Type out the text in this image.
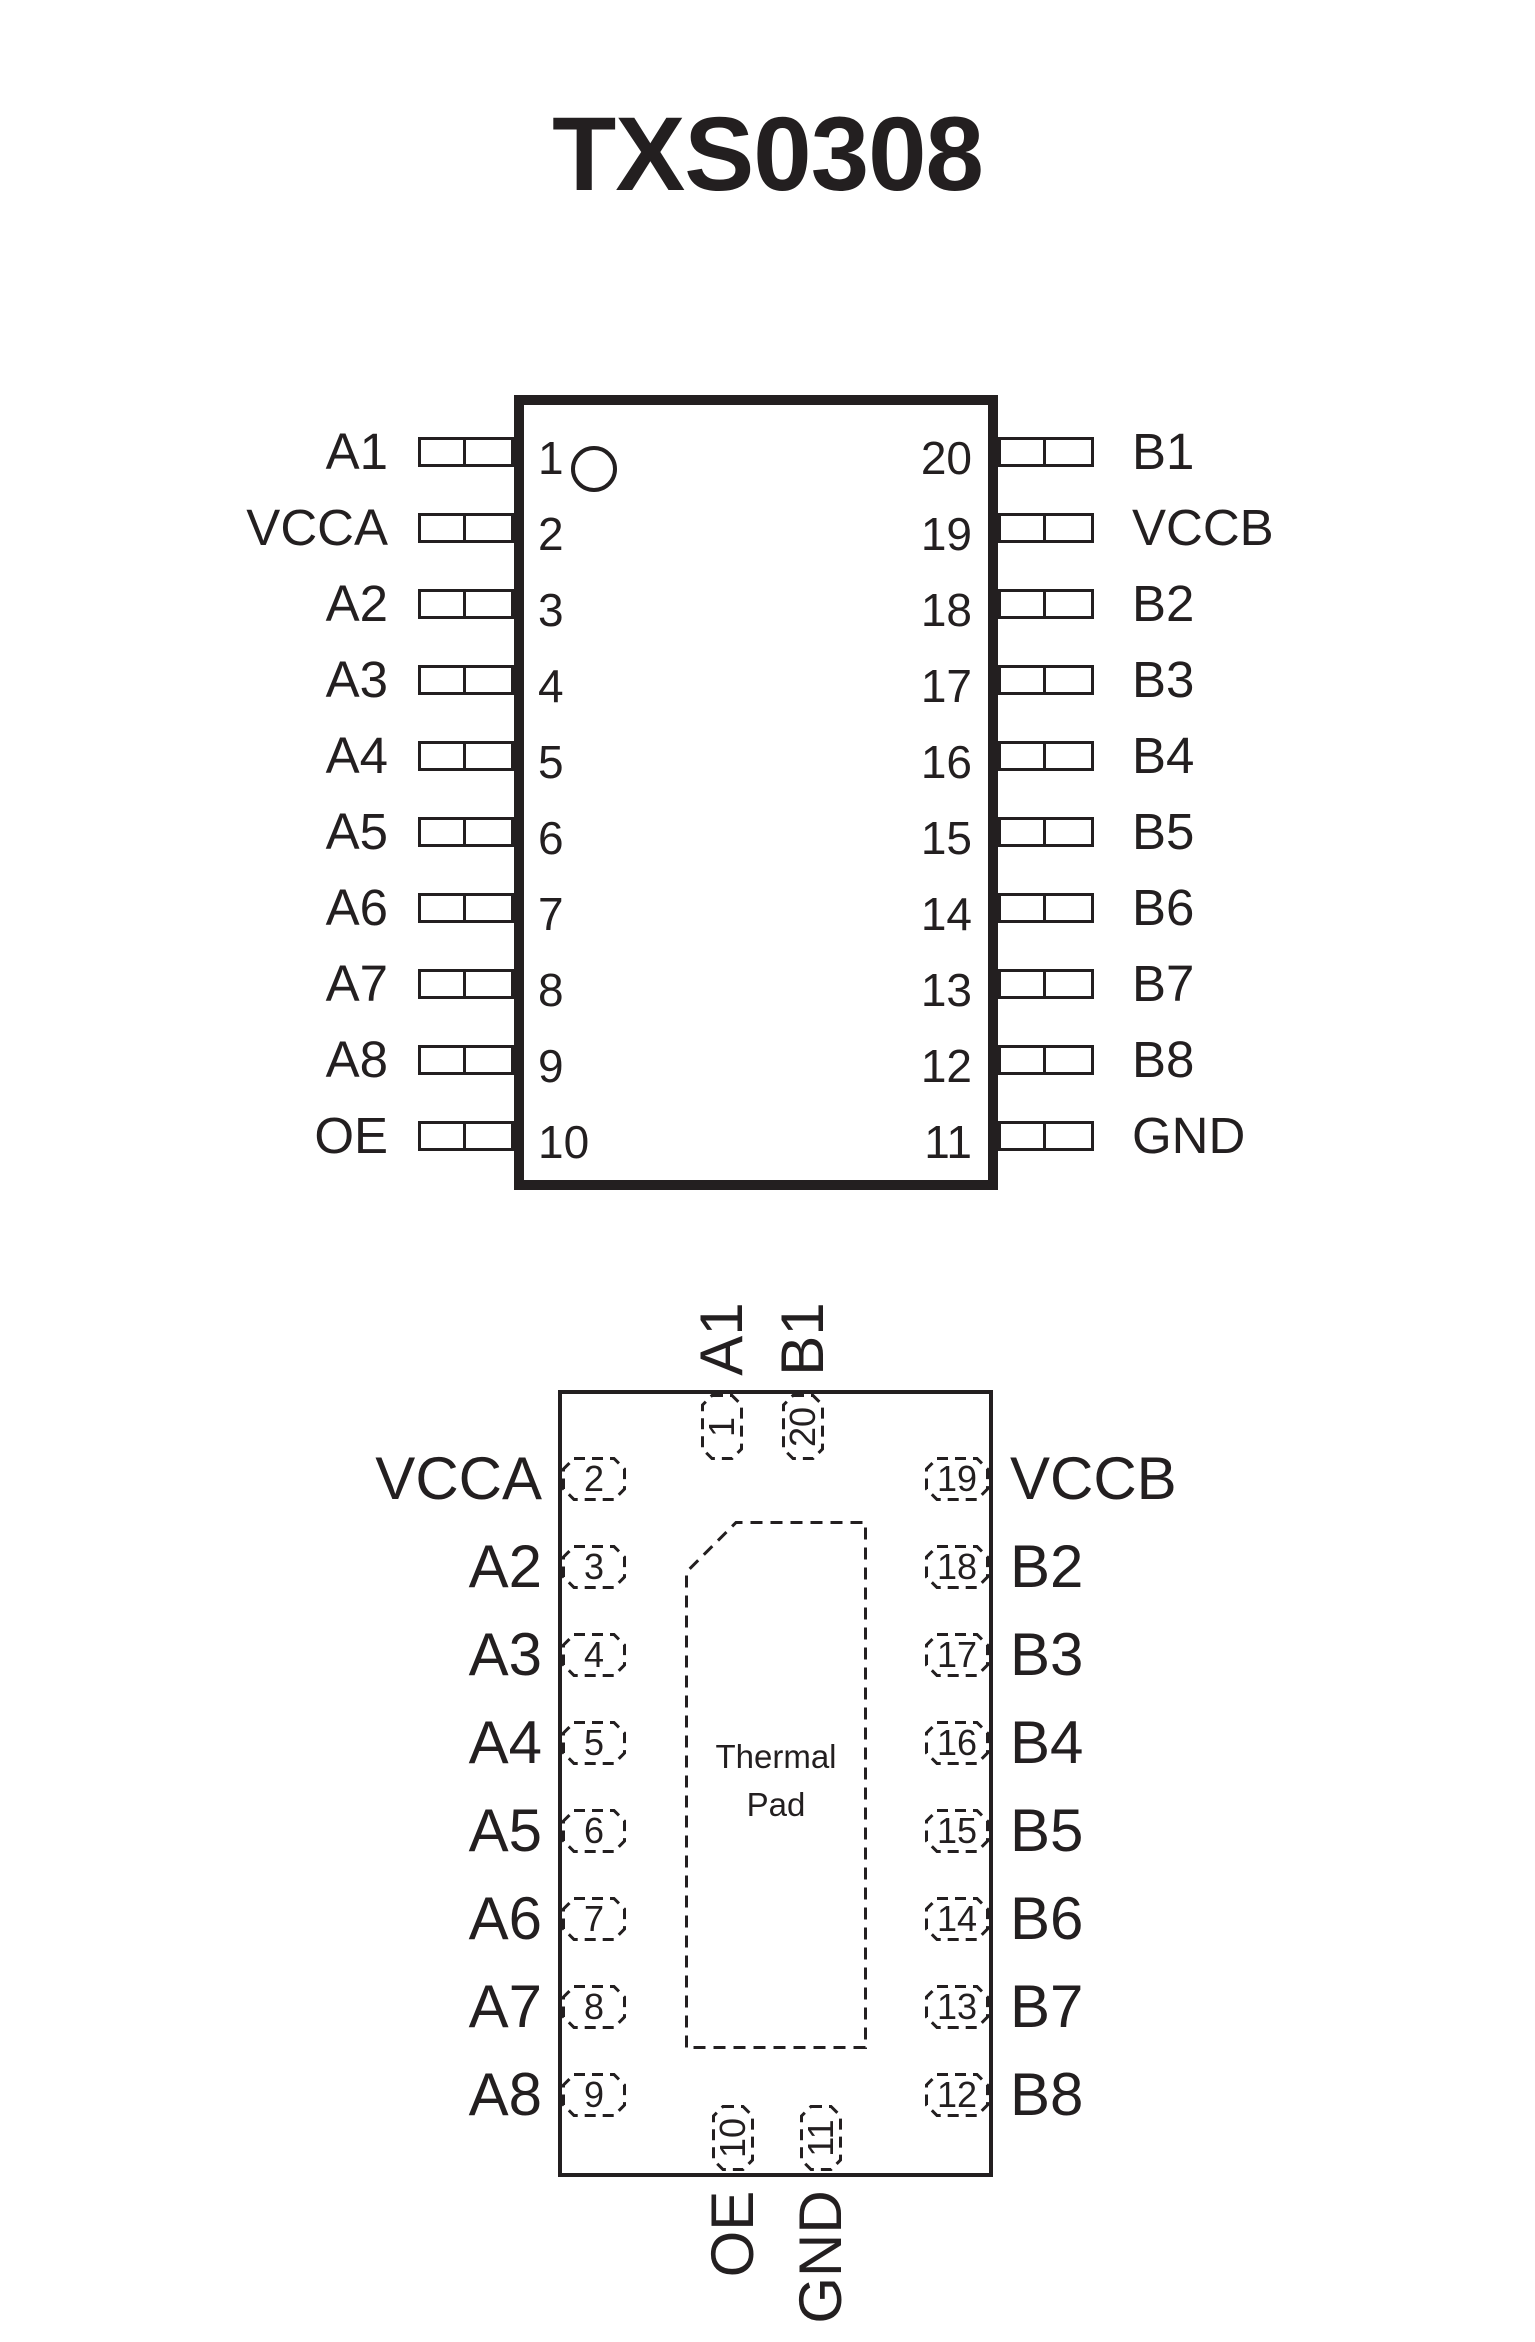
TXS0308
A1
VCCA
A2
A3
A4
A5
A6
A7
A8
OE
1
2
3
4
5
6
7
8
9
10
20
19
18
17
16
15
14
13
12
11
B1
VCCB
B2
B3
B4
B5
B6
B7
B8
GND
Thermal
Pad
1 20
A1 B1
2
3
4
5
6
7
8
9
VCCA
A2
A3
A4
A5
A6
A7
A8
19
18
17
16
15
14
13
12
VCCB
B2
B3
B4
B5
B6
B7
B8
10 11
OE GND
